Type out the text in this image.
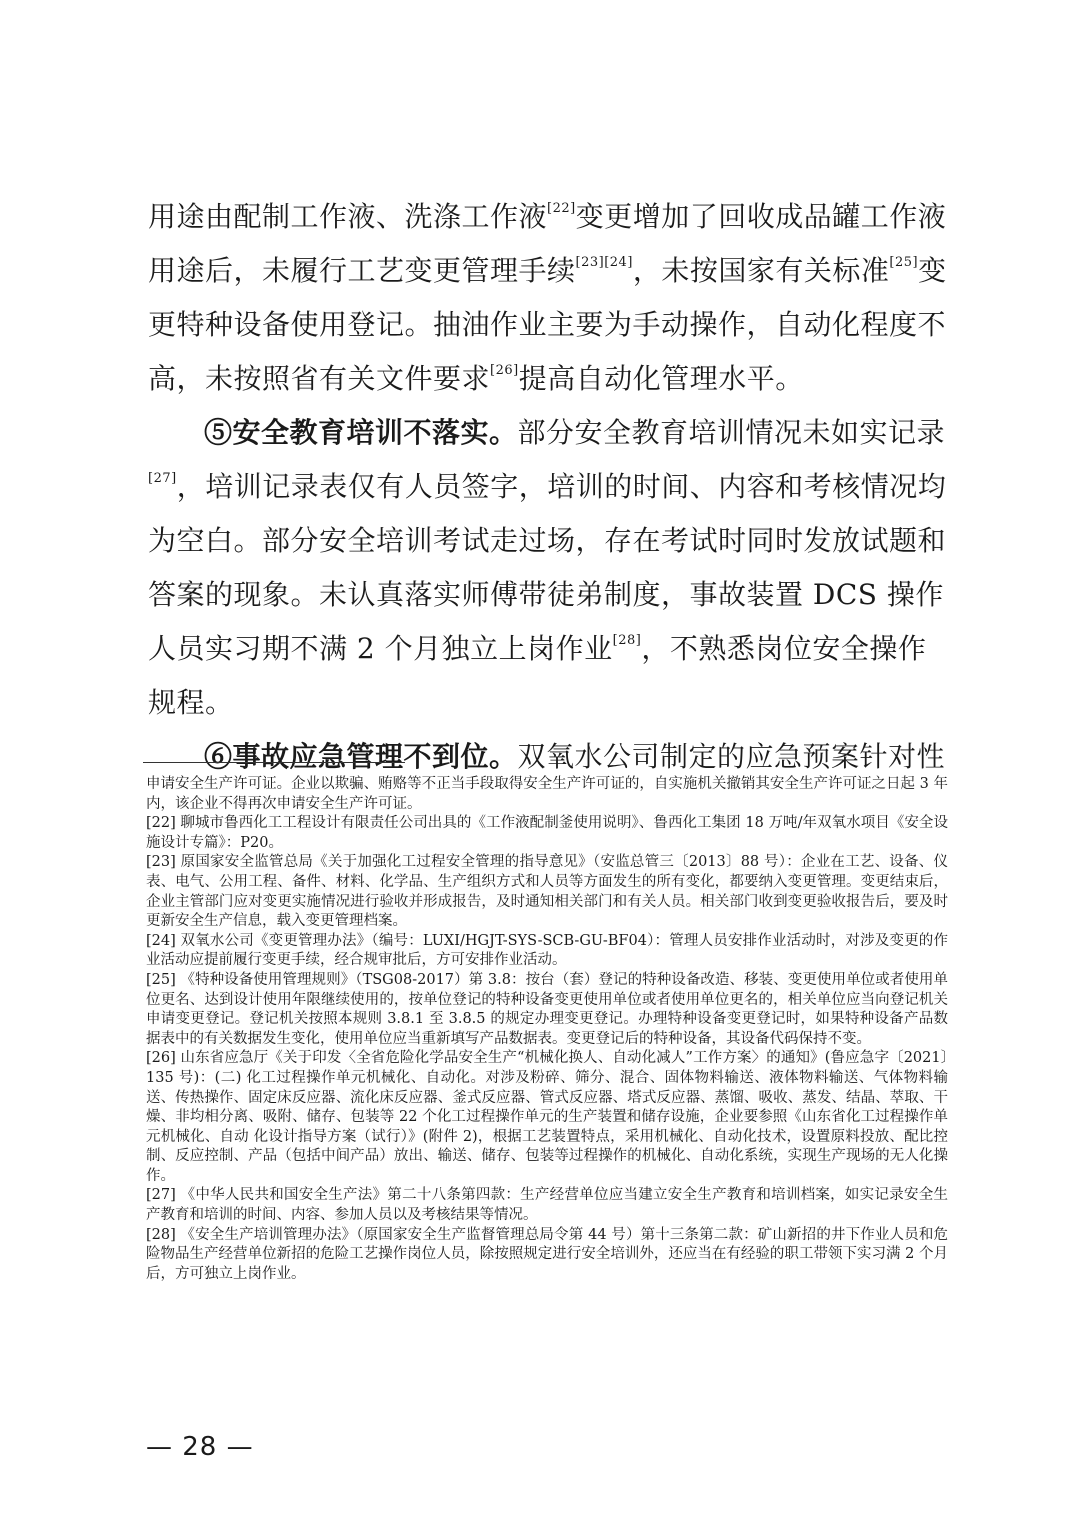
用途由配制工作液、洗涤工作液[22]变更增加了回收成品罐工作液用途后，未履行工艺变更管理手续[23][24]，未按国家有关标准[25]变更特种设备使用登记。抽油作业主要为手动操作，自动化程度不高，未按照省有关文件要求[26]提高自动化管理水平。

⑤安全教育培训不落实。部分安全教育培训情况未如实记录[27]，培训记录表仅有人员签字，培训的时间、内容和考核情况均为空白。部分安全培训考试走过场，存在考试时同时发放试题和答案的现象。未认真落实师傅带徒弟制度，事故装置 DCS 操作人员实习期不满 2 个月独立上岗作业[28]，不熟悉岗位安全操作规程。

⑥事故应急管理不到位。双氧水公司制定的应急预案针对性

申请安全生产许可证。企业以欺骗、贿赂等不正当手段取得安全生产许可证的，自实施机关撤销其安全生产许可证之日起 3 年内，该企业不得再次申请安全生产许可证。

[22] 聊城市鲁西化工工程设计有限责任公司出具的《工作液配制釜使用说明》、鲁西化工集团 18 万吨/年双氧水项目《安全设施设计专篇》：P20。

[23] 原国家安全监管总局《关于加强化工过程安全管理的指导意见》（安监总管三〔2013〕88 号）：企业在工艺、设备、仪表、电气、公用工程、备件、材料、化学品、生产组织方式和人员等方面发生的所有变化，都要纳入变更管理。变更结束后，企业主管部门应对变更实施情况进行验收并形成报告，及时通知相关部门和有关人员。相关部门收到变更验收报告后，要及时更新安全生产信息，载入变更管理档案。

[24] 双氧水公司《变更管理办法》（编号：LUXI/HGJT-SYS-SCB-GU-BF04）：管理人员安排作业活动时，对涉及变更的作业活动应提前履行变更手续，经合规审批后，方可安排作业活动。

[25] 《特种设备使用管理规则》（TSG08-2017）第 3.8：按台（套）登记的特种设备改造、移装、变更使用单位或者使用单位更名、达到设计使用年限继续使用的，按单位登记的特种设备变更使用单位或者使用单位更名的，相关单位应当向登记机关申请变更登记。登记机关按照本规则 3.8.1 至 3.8.5 的规定办理变更登记。办理特种设备变更登记时，如果特种设备产品数据表中的有关数据发生变化，使用单位应当重新填写产品数据表。变更登记后的特种设备，其设备代码保持不变。

[26] 山东省应急厅《关于印发〈全省危险化学品安全生产“机械化换人、自动化减人”工作方案〉的通知》(鲁应急字〔2021〕135 号)：(二) 化工过程操作单元机械化、自动化。对涉及粉碎、筛分、混合、固体物料输送、液体物料输送、气体物料输送、传热操作、固定床反应器、流化床反应器、釜式反应器、管式反应器、塔式反应器、蒸馏、吸收、蒸发、结晶、萃取、干燥、非均相分离、吸附、储存、包装等 22 个化工过程操作单元的生产装置和储存设施，企业要参照《山东省化工过程操作单元机械化、自动 化设计指导方案（试行）》(附件 2)，根据工艺装置特点，采用机械化、自动化技术，设置原料投放、配比控制、反应控制、产品（包括中间产品）放出、输送、储存、包装等过程操作的机械化、自动化系统，实现生产现场的无人化操作。

[27] 《中华人民共和国安全生产法》第二十八条第四款：生产经营单位应当建立安全生产教育和培训档案，如实记录安全生产教育和培训的时间、内容、参加人员以及考核结果等情况。

[28] 《安全生产培训管理办法》（原国家安全生产监督管理总局令第 44 号）第十三条第二款：矿山新招的井下作业人员和危险物品生产经营单位新招的危险工艺操作岗位人员，除按照规定进行安全培训外，还应当在有经验的职工带领下实习满 2 个月后，方可独立上岗作业。

— 28 —
